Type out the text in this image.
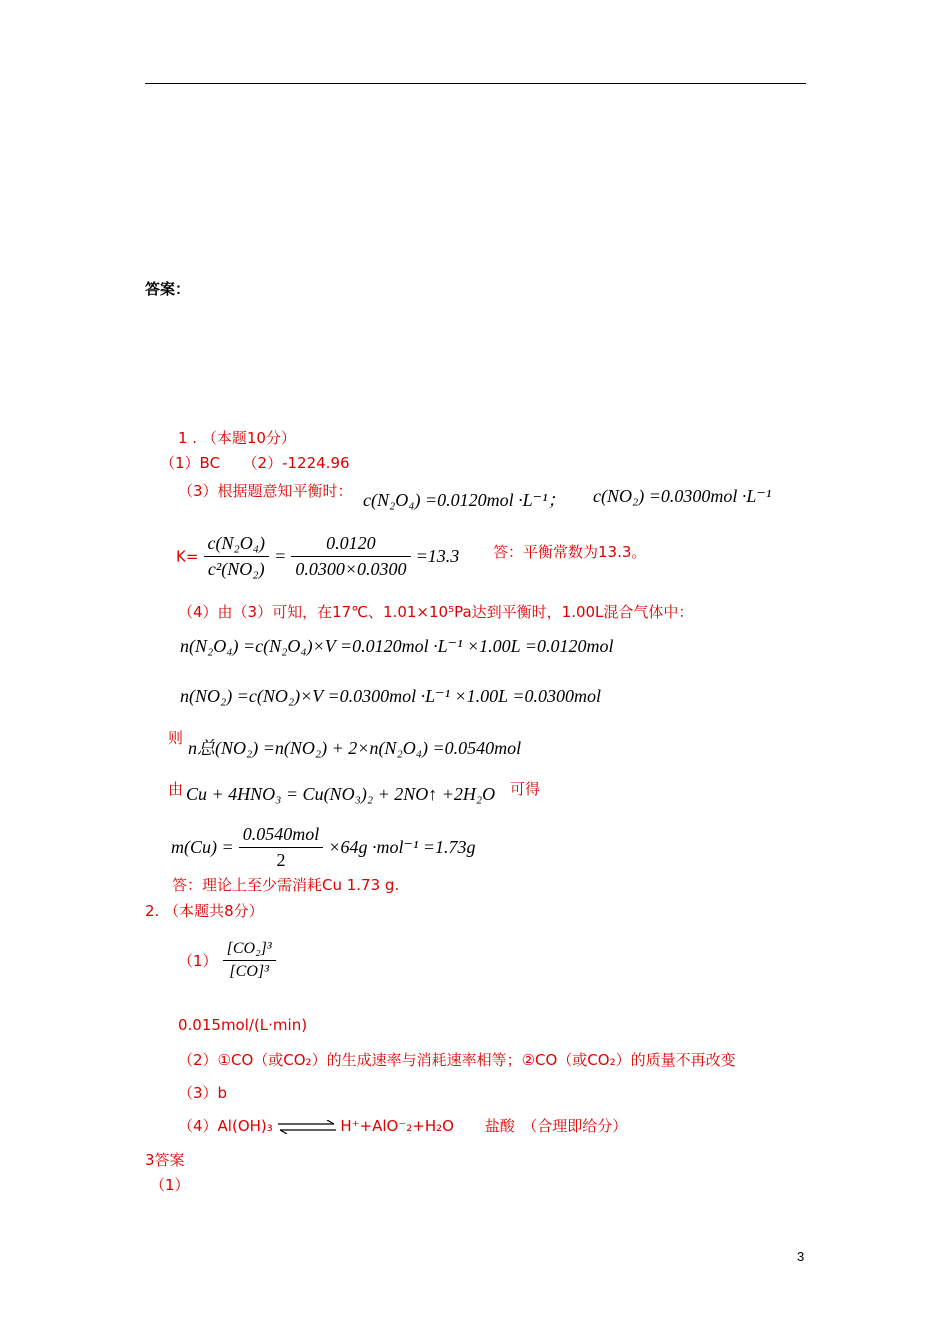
答案：
1 . （本题10分）
（1）BC　　（2）-1224.96
（3）根据题意知平衡时： c(N₂O₄) =0.0120mol ·L⁻¹； c(NO₂) =0.0300mol ·L⁻¹
$K= \frac{\text{c(N₂O₄)}}{\text{c²(NO₂)}} = \frac{0.0120}{0.0300\times 0.0300} =13.3$ 答：平衡常数为13.3。
（4）由（3）可知，在17℃、1.01×10⁵Pa达到平衡时，1.00L混合气体中：
n(N₂O₄) =c(N₂O₄)×V =0.0120mol ·L⁻¹ ×1.00L =0.0120mol
n(NO₂) =c(NO₂)×V =0.0300mol ·L⁻¹ ×1.00L =0.0300mol
则 n总(NO₂) =n(NO₂) + 2×n(N₂O₄) =0.0540mol
由 Cu + 4HNO₃ = Cu(NO₃)₂ + 2NO↑ +2H₂O 可得
$m(Cu) = \frac{\text{0.0540mol}}{2} \times 64g \cdot mol^{-1} =1.73g$
答：理论上至少需消耗Cu 1.73 g.
2. （本题共8分）
$(1) \frac{\text{[CO₂]³}}{\text{[CO]³}}$
0.015mol/(L·min)
（2）①CO（或CO₂）的生成速率与消耗速率相等；②CO（或CO₂）的质量不再改变
（3）b
（4）Al(OH)₃ ⇌ H⁺+AlO⁻₂+H₂O 盐酸　（合理即给分）
3答案
（1）
3
